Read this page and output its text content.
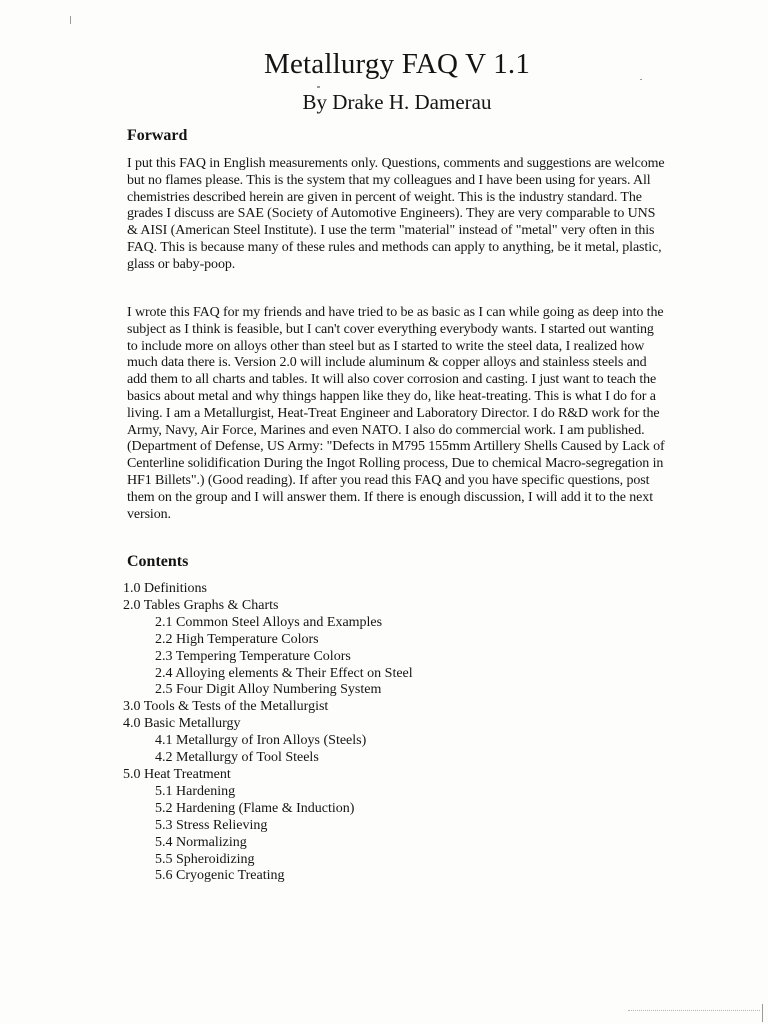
Metallurgy FAQ V 1.1
By Drake H. Damerau
Forward
I put this FAQ in English measurements only. Questions, comments and suggestions are welcome but no flames please. This is the system that my colleagues and I have been using for years. All chemistries described herein are given in percent of weight. This is the industry standard. The grades I discuss are SAE (Society of Automotive Engineers). They are very comparable to UNS & AISI (American Steel Institute). I use the term "material" instead of "metal" very often in this FAQ. This is because many of these rules and methods can apply to anything, be it metal, plastic, glass or baby-poop.
I wrote this FAQ for my friends and have tried to be as basic as I can while going as deep into the subject as I think is feasible, but I can't cover everything everybody wants. I started out wanting to include more on alloys other than steel but as I started to write the steel data, I realized how much data there is. Version 2.0 will include aluminum & copper alloys and stainless steels and add them to all charts and tables. It will also cover corrosion and casting. I just want to teach the basics about metal and why things happen like they do, like heat-treating. This is what I do for a living. I am a Metallurgist, Heat-Treat Engineer and Laboratory Director. I do R&D work for the Army, Navy, Air Force, Marines and even NATO. I also do commercial work. I am published. (Department of Defense, US Army: "Defects in M795 155mm Artillery Shells Caused by Lack of Centerline solidification During the Ingot Rolling process, Due to chemical Macro-segregation in HF1 Billets".) (Good reading). If after you read this FAQ and you have specific questions, post them on the group and I will answer them. If there is enough discussion, I will add it to the next version.
Contents
1.0 Definitions
2.0 Tables Graphs & Charts
2.1 Common Steel Alloys and Examples
2.2 High Temperature Colors
2.3 Tempering Temperature Colors
2.4 Alloying elements & Their Effect on Steel
2.5 Four Digit Alloy Numbering System
3.0 Tools & Tests of the Metallurgist
4.0 Basic Metallurgy
4.1 Metallurgy of Iron Alloys (Steels)
4.2 Metallurgy of Tool Steels
5.0 Heat Treatment
5.1 Hardening
5.2 Hardening (Flame & Induction)
5.3 Stress Relieving
5.4 Normalizing
5.5 Spheroidizing
5.6 Cryogenic Treating
